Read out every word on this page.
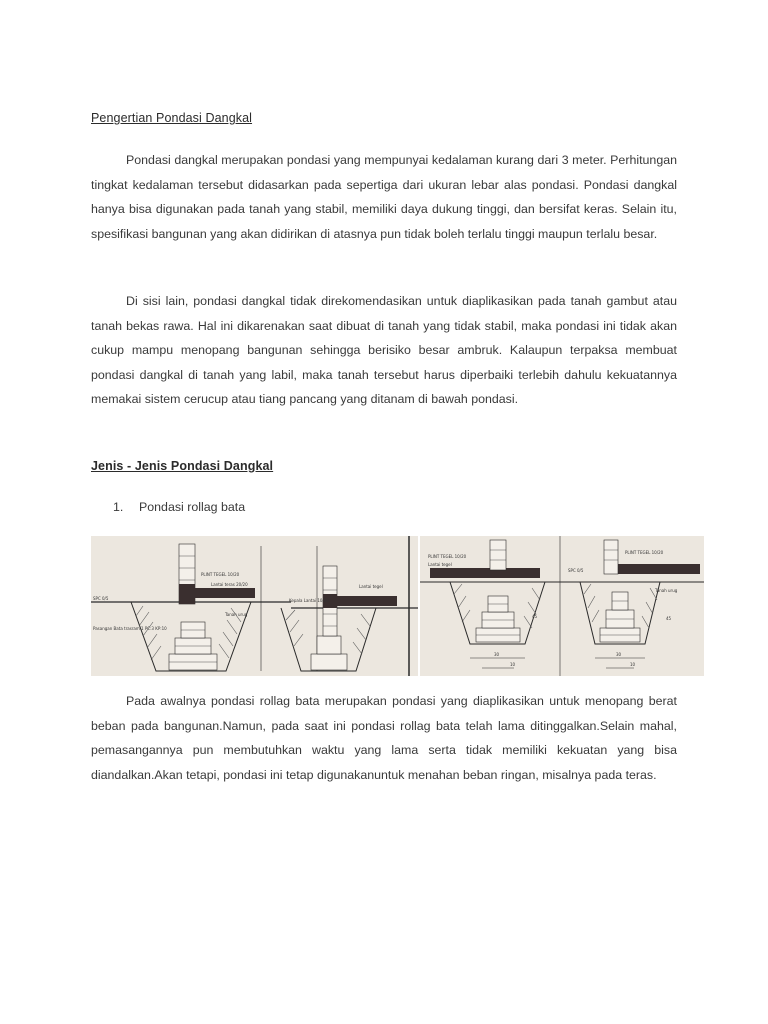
Pengertian Pondasi Dangkal

Pondasi dangkal merupakan pondasi yang mempunyai kedalaman kurang dari 3 meter. Perhitungan tingkat kedalaman tersebut didasarkan pada sepertiga dari ukuran lebar alas pondasi. Pondasi dangkal hanya bisa digunakan pada tanah yang stabil, memiliki daya dukung tinggi, dan bersifat keras. Selain itu, spesifikasi bangunan yang akan didirikan di atasnya pun tidak boleh terlalu tinggi maupun terlalu besar.

Di sisi lain, pondasi dangkal tidak direkomendasikan untuk diaplikasikan pada tanah gambut atau tanah bekas rawa. Hal ini dikarenakan saat dibuat di tanah yang tidak stabil, maka pondasi ini tidak akan cukup mampu menopang bangunan sehingga berisiko besar ambruk. Kalaupun terpaksa membuat pondasi dangkal di tanah yang labil, maka tanah tersebut harus diperbaiki terlebih dahulu kekuatannya memakai sistem cerucup atau tiang pancang yang ditanam di bawah pondasi.

Jenis - Jenis Pondasi Dangkal
1. Pondasi rollag bata
PLINT TEGEL 10/20
Lantai teras 20/20	Lantai tegel
Tanah urug
Pasangan Bata trasram 1 PC:3 KP:10
SPC 0/5	Kepala Lantai 10/20
PLINT TEGEL 10/20
Lantai tegel
PLINT TEGEL 10/20
Tanah urug
SPC 0/5
30	30
45	45
10	10

Pada awalnya pondasi rollag bata merupakan pondasi yang diaplikasikan untuk menopang berat beban pada bangunan.Namun, pada saat ini pondasi rollag bata telah lama ditinggalkan.Selain mahal, pemasangannya pun membutuhkan waktu yang lama serta tidak memiliki kekuatan yang bisa diandalkan.Akan tetapi, pondasi ini tetap digunakanuntuk menahan beban ringan, misalnya pada teras.
